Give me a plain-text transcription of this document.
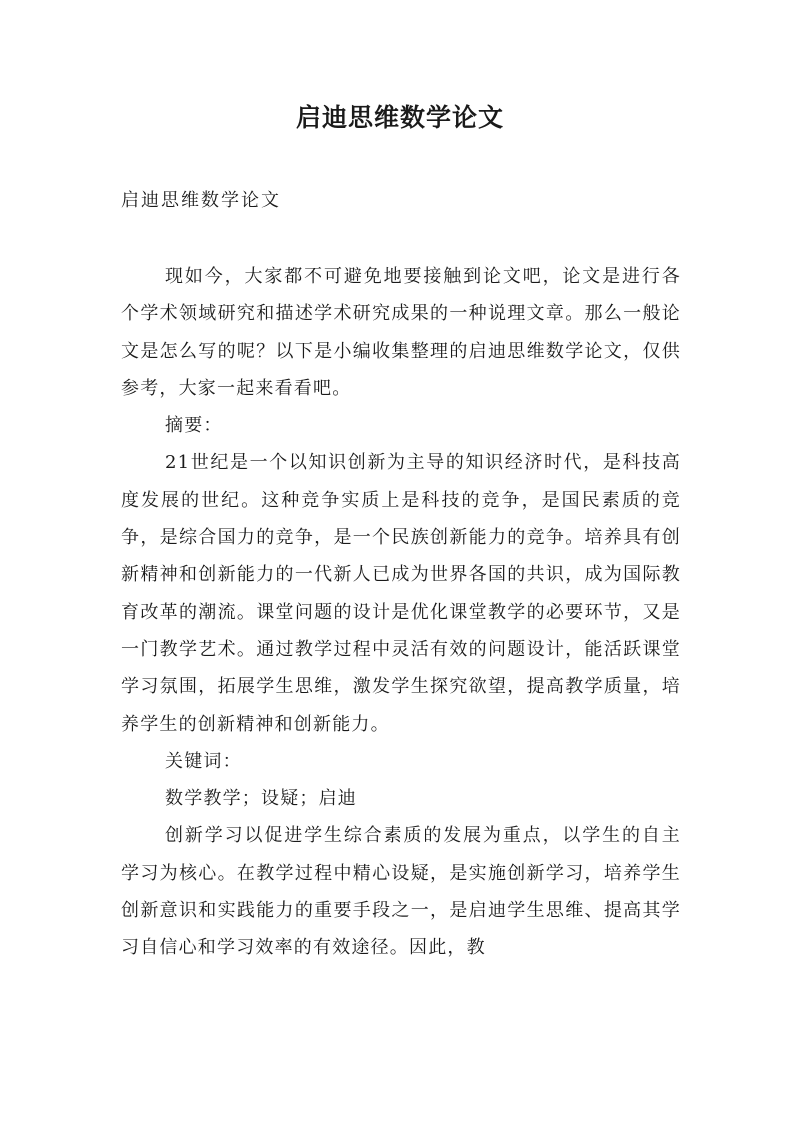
启迪思维数学论文
启迪思维数学论文

现如今，大家都不可避免地要接触到论文吧，论文是进行各个学术领域研究和描述学术研究成果的一种说理文章。那么一般论文是怎么写的呢？以下是小编收集整理的启迪思维数学论文，仅供参考，大家一起来看看吧。

摘要：

21世纪是一个以知识创新为主导的知识经济时代，是科技高度发展的世纪。这种竞争实质上是科技的竞争，是国民素质的竞争，是综合国力的竞争，是一个民族创新能力的竞争。培养具有创新精神和创新能力的一代新人已成为世界各国的共识，成为国际教育改革的潮流。课堂问题的设计是优化课堂教学的必要环节，又是一门教学艺术。通过教学过程中灵活有效的问题设计，能活跃课堂学习氛围，拓展学生思维，激发学生探究欲望，提高教学质量，培养学生的创新精神和创新能力。

关键词：

数学教学；设疑；启迪

创新学习以促进学生综合素质的发展为重点，以学生的自主学习为核心。在教学过程中精心设疑，是实施创新学习，培养学生创新意识和实践能力的重要手段之一，是启迪学生思维、提高其学习自信心和学习效率的有效途径。因此，教
